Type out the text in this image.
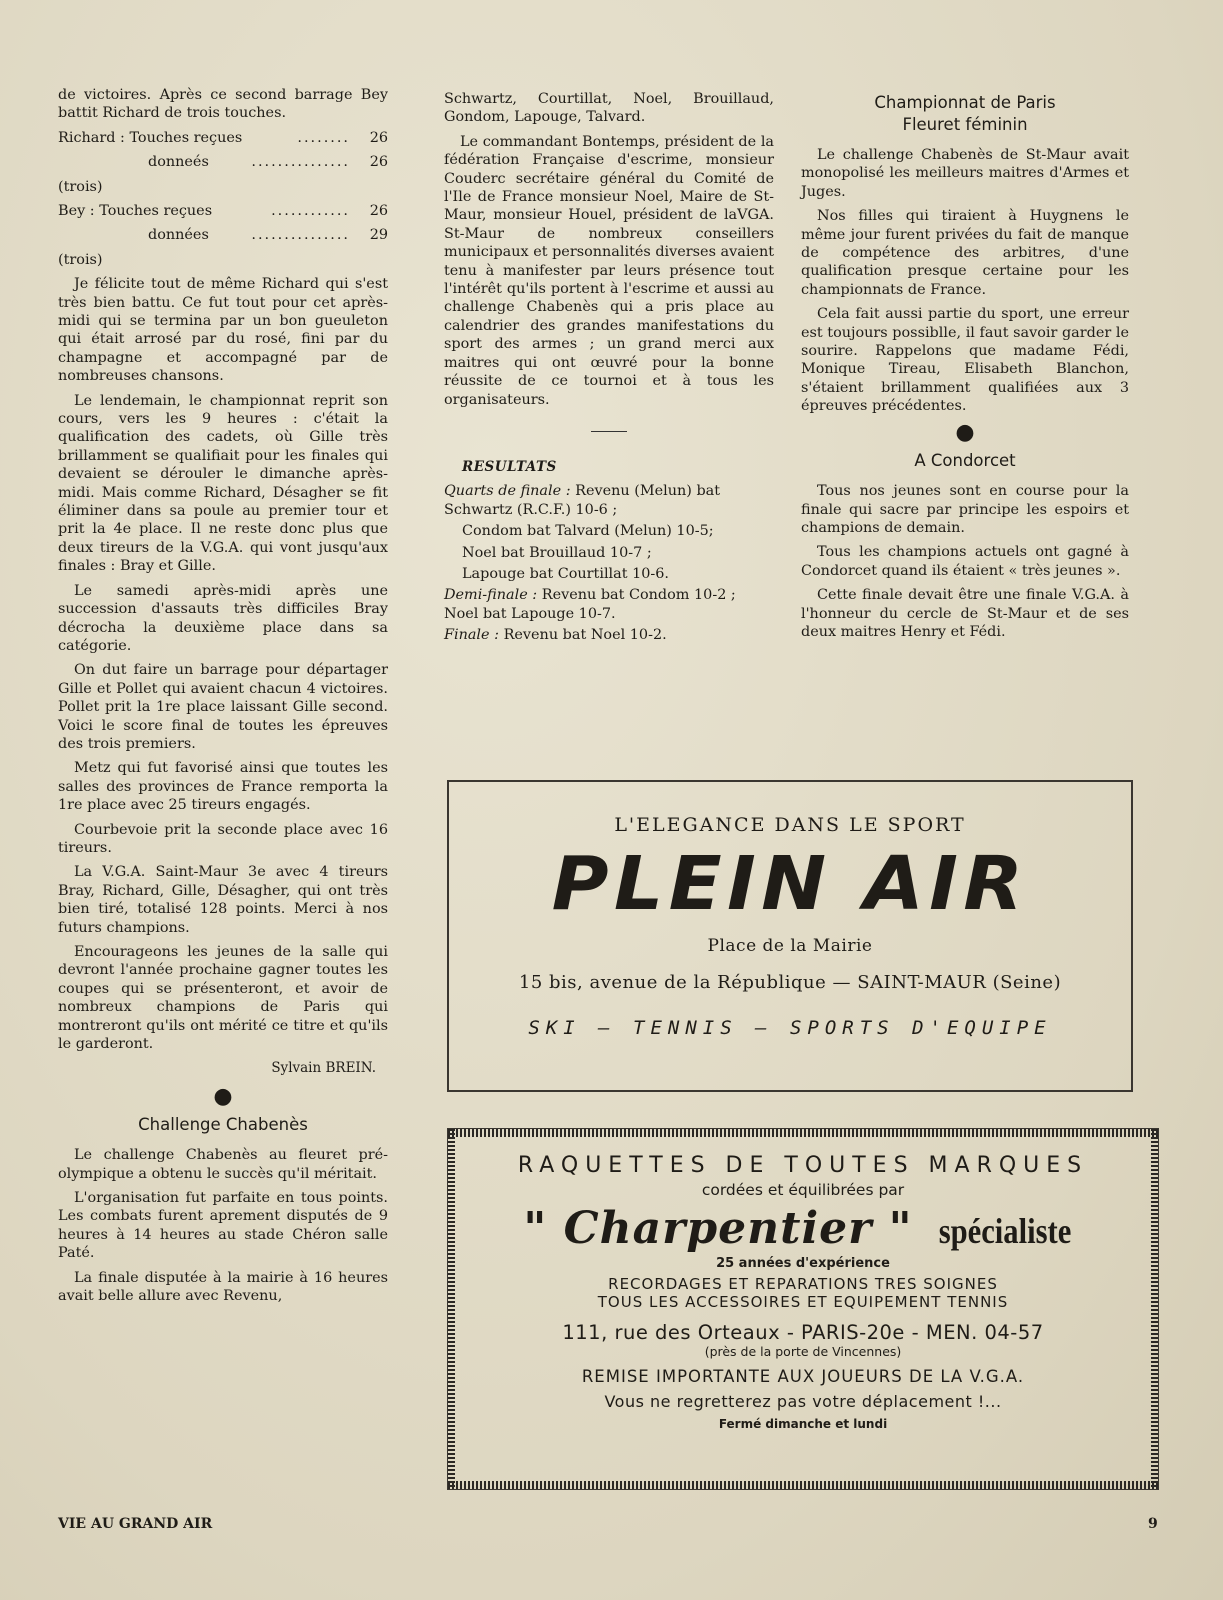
de victoires. Après ce second barrage Bey battit Richard de trois touches.

Richard : Touches reçues	........ 26
donneés	............... 26

(trois)

Bey : Touches reçues	............ 26
données	............... 29

(trois)

Je félicite tout de même Richard qui s'est très bien battu. Ce fut tout pour cet après-midi qui se termina par un bon gueuleton qui était arrosé par du rosé, fini par du champagne et accompagné par de nombreuses chansons.

Le lendemain, le championnat reprit son cours, vers les 9 heures : c'était la qualification des cadets, où Gille très brillamment se qualifiait pour les finales qui devaient se dérouler le dimanche après-midi. Mais comme Richard, Désagher se fit éliminer dans sa poule au premier tour et prit la 4e place. Il ne reste donc plus que deux tireurs de la V.G.A. qui vont jusqu'aux finales : Bray et Gille.

Le samedi après-midi après une succession d'assauts très difficiles Bray décrocha la deuxième place dans sa catégorie.

On dut faire un barrage pour départager Gille et Pollet qui avaient chacun 4 victoires. Pollet prit la 1re place laissant Gille second. Voici le score final de toutes les épreuves des trois premiers.

Metz qui fut favorisé ainsi que toutes les salles des provinces de France remporta la 1re place avec 25 tireurs engagés.

Courbevoie prit la seconde place avec 16 tireurs.

La V.G.A. Saint-Maur 3e avec 4 tireurs Bray, Richard, Gille, Désagher, qui ont très bien tiré, totalisé 128 points. Merci à nos futurs champions.

Encourageons les jeunes de la salle qui devront l'année prochaine gagner toutes les coupes qui se présenteront, et avoir de nombreux champions de Paris qui montreront qu'ils ont mérité ce titre et qu'ils le garderont.

Sylvain BREIN.
●
Challenge Chabenès

Le challenge Chabenès au fleuret pré-olympique a obtenu le succès qu'il méritait.

L'organisation fut parfaite en tous points. Les combats furent aprement disputés de 9 heures à 14 heures au stade Chéron salle Paté.

La finale disputée à la mairie à 16 heures avait belle allure avec Revenu,

Schwartz, Courtillat, Noel, Brouillaud, Gondom, Lapouge, Talvard.

Le commandant Bontemps, président de la fédération Française d'escrime, monsieur Couderc secrétaire général du Comité de l'Ile de France monsieur Noel, Maire de St-Maur, monsieur Houel, président de laVGA. St-Maur de nombreux conseillers municipaux et personnalités diverses avaient tenu à manifester par leurs présence tout l'intérêt qu'ils portent à l'escrime et aussi au challenge Chabenès qui a pris place au calendrier des grandes manifestations du sport des armes ; un grand merci aux maitres qui ont œuvré pour la bonne réussite de ce tournoi et à tous les organisateurs.

RESULTATS

Quarts de finale : Revenu (Melun) bat Schwartz (R.C.F.) 10-6 ;

Condom bat Talvard (Melun) 10-5;

Noel bat Brouillaud 10-7 ;

Lapouge bat Courtillat 10-6.

Demi-finale : Revenu bat Condom 10-2 ; Noel bat Lapouge 10-7.

Finale : Revenu bat Noel 10-2.

Championnat de Paris
Fleuret féminin

Le challenge Chabenès de St-Maur avait monopolisé les meilleurs maitres d'Armes et Juges.

Nos filles qui tiraient à Huygnens le même jour furent privées du fait de manque de compétence des arbitres, d'une qualification presque certaine pour les championnats de France.

Cela fait aussi partie du sport, une erreur est toujours possiblle, il faut savoir garder le sourire. Rappelons que madame Fédi, Monique Tireau, Elisabeth Blanchon, s'étaient brillamment qualifiées aux 3 épreuves précédentes.

●
A Condorcet

Tous nos jeunes sont en course pour la finale qui sacre par principe les espoirs et champions de demain.

Tous les champions actuels ont gagné à Condorcet quand ils étaient « très jeunes ».

Cette finale devait être une finale V.G.A. à l'honneur du cercle de St-Maur et de ses deux maitres Henry et Fédi.

L'ELEGANCE DANS LE SPORT
PLEIN AIR
Place de la Mairie
15 bis, avenue de la République — SAINT-MAUR (Seine)
SKI — TENNIS — SPORTS D'EQUIPE
RAQUETTES DE TOUTES MARQUES
cordées et équilibrées par
" Charpentier " spécialiste
25 années d'expérience
RECORDAGES ET REPARATIONS TRES SOIGNES
TOUS LES ACCESSOIRES ET EQUIPEMENT TENNIS
111, rue des Orteaux - PARIS-20e - MEN. 04-57
(près de la porte de Vincennes)
REMISE IMPORTANTE AUX JOUEURS DE LA V.G.A.
Vous ne regretterez pas votre déplacement !...
Fermé dimanche et lundi
VIE AU GRAND AIR	9
